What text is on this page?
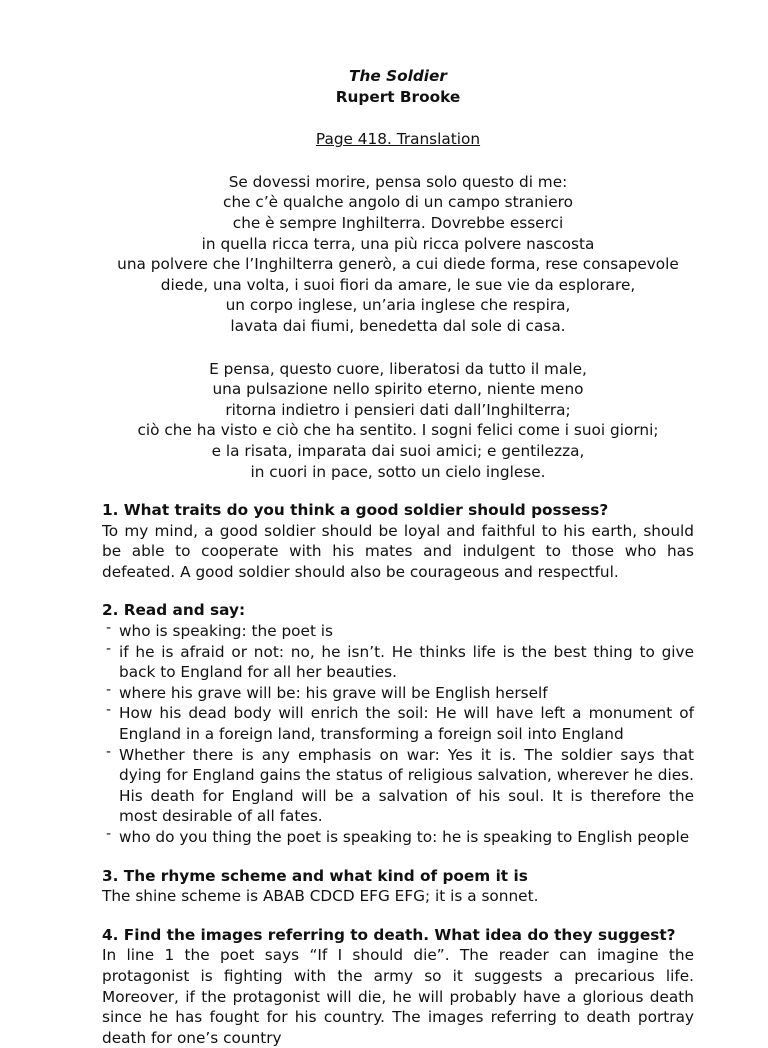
The Soldier

Rupert Brooke

Page 418. Translation
Se dovessi morire, pensa solo questo di me:
che c’è qualche angolo di un campo straniero
che è sempre Inghilterra. Dovrebbe esserci
in quella ricca terra, una più ricca polvere nascosta
una polvere che l’Inghilterra generò, a cui diede forma, rese consapevole
diede, una volta, i suoi fiori da amare, le sue vie da esplorare,
un corpo inglese, un’aria inglese che respira,
lavata dai fiumi, benedetta dal sole di casa.
E pensa, questo cuore, liberatosi da tutto il male,
una pulsazione nello spirito eterno, niente meno
ritorna indietro i pensieri dati dall’Inghilterra;
ciò che ha visto e ciò che ha sentito. I sogni felici come i suoi giorni;
e la risata, imparata dai suoi amici; e gentilezza,
in cuori in pace, sotto un cielo inglese.
1. What traits do you think a good soldier should possess?

To my mind, a good soldier should be loyal and faithful to his earth, should be able to cooperate with his mates and indulgent to those who has defeated. A good soldier should also be courageous and respectful.

2. Read and say:
- who is speaking: the poet is
- if he is afraid or not: no, he isn’t. He thinks life is the best thing to give back to England for all her beauties.
- where his grave will be: his grave will be English herself
- How his dead body will enrich the soil: He will have left a monument of England in a foreign land, transforming a foreign soil into England
- Whether there is any emphasis on war: Yes it is. The soldier says that dying for England gains the status of religious salvation, wherever he dies. His death for England will be a salvation of his soul. It is therefore the most desirable of all fates.
- who do you thing the poet is speaking to: he is speaking to English people
3. The rhyme scheme and what kind of poem it is

The shine scheme is ABAB CDCD EFG EFG; it is a sonnet.

4. Find the images referring to death. What idea do they suggest?

In line 1 the poet says “If I should die”. The reader can imagine the protagonist is fighting with the army so it suggests a precarious life. Moreover, if the protagonist will die, he will probably have a glorious death since he has fought for his country. The images referring to death portray death for one’s country
